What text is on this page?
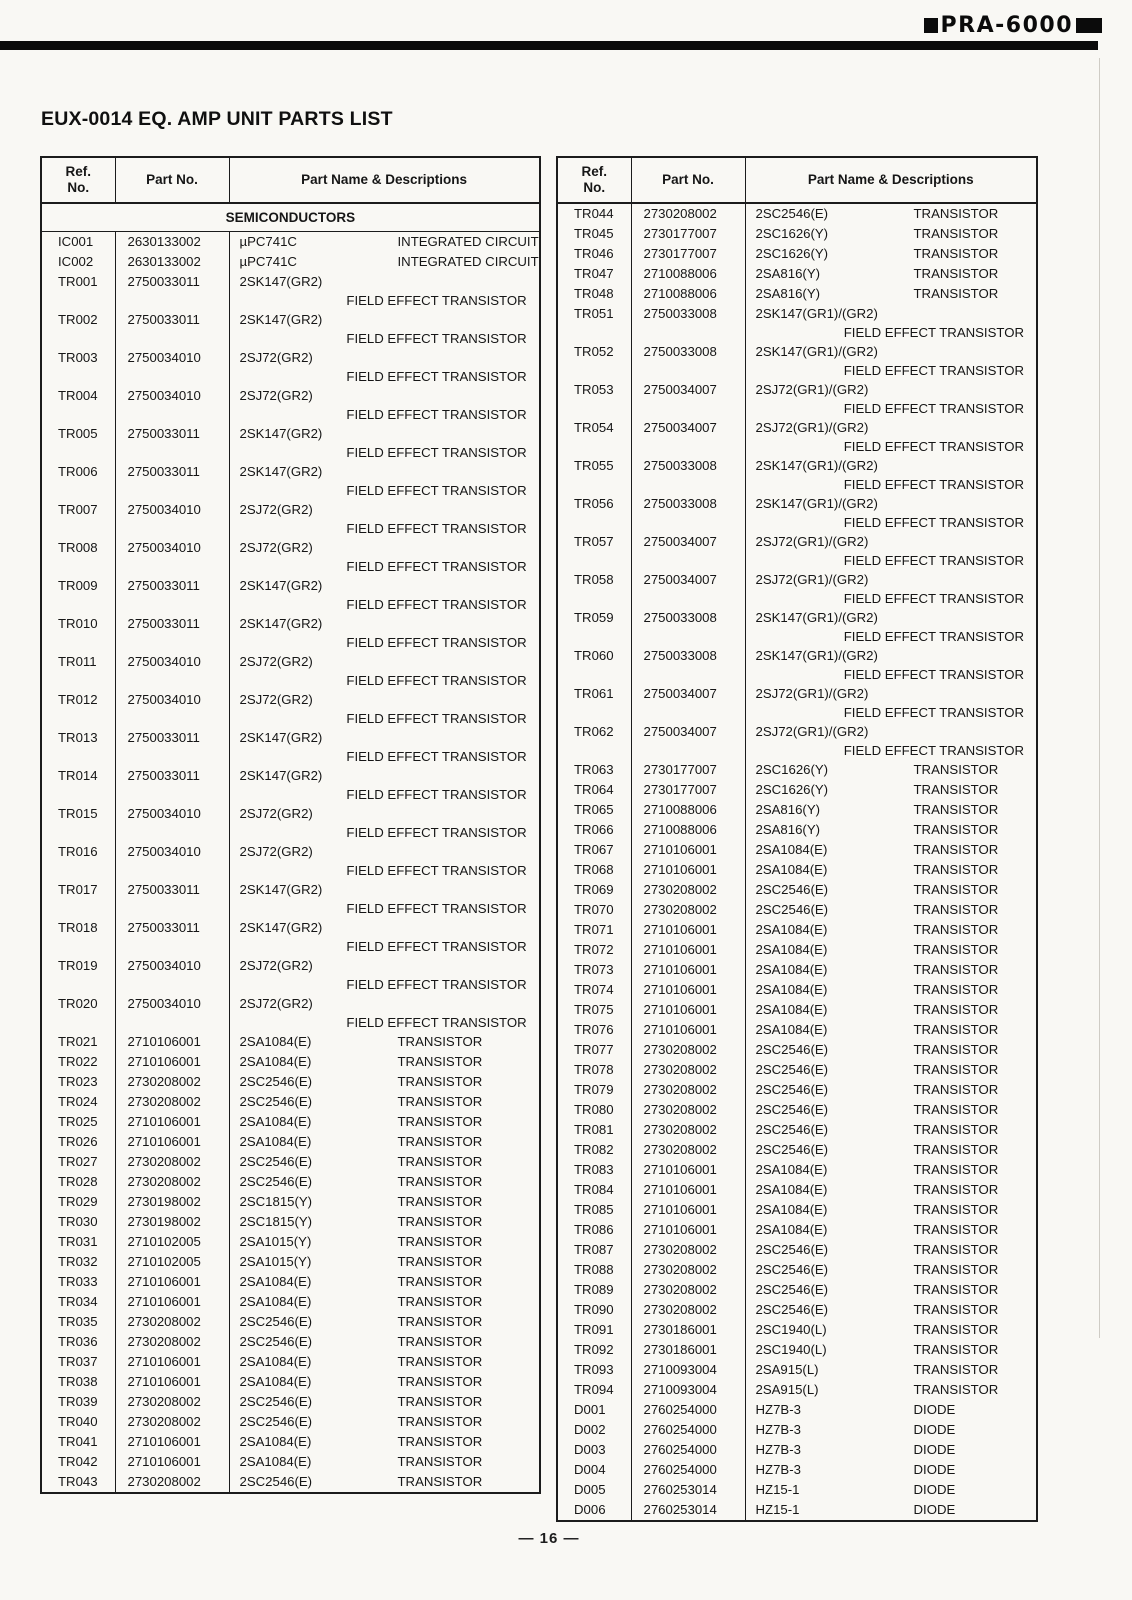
PRA-6000
EUX-0014 EQ. AMP UNIT PARTS LIST
Ref.
No.	Part No.	Part Name & Descriptions
SEMICONDUCTORS		
IC001	2630133002	µPC741C INTEGRATED CIRCUIT
IC002	2630133002	µPC741C INTEGRATED CIRCUIT
TR001	2750033011	2SK147(GR2)
FIELD EFFECT TRANSISTOR

TR002	2750033011	2SK147(GR2)
FIELD EFFECT TRANSISTOR

TR003	2750034010	2SJ72(GR2)
FIELD EFFECT TRANSISTOR

TR004	2750034010	2SJ72(GR2)
FIELD EFFECT TRANSISTOR

TR005	2750033011	2SK147(GR2)
FIELD EFFECT TRANSISTOR

TR006	2750033011	2SK147(GR2)
FIELD EFFECT TRANSISTOR

TR007	2750034010	2SJ72(GR2)
FIELD EFFECT TRANSISTOR

TR008	2750034010	2SJ72(GR2)
FIELD EFFECT TRANSISTOR

TR009	2750033011	2SK147(GR2)
FIELD EFFECT TRANSISTOR

TR010	2750033011	2SK147(GR2)
FIELD EFFECT TRANSISTOR

TR011	2750034010	2SJ72(GR2)
FIELD EFFECT TRANSISTOR

TR012	2750034010	2SJ72(GR2)
FIELD EFFECT TRANSISTOR

TR013	2750033011	2SK147(GR2)
FIELD EFFECT TRANSISTOR

TR014	2750033011	2SK147(GR2)
FIELD EFFECT TRANSISTOR

TR015	2750034010	2SJ72(GR2)
FIELD EFFECT TRANSISTOR

TR016	2750034010	2SJ72(GR2)
FIELD EFFECT TRANSISTOR

TR017	2750033011	2SK147(GR2)
FIELD EFFECT TRANSISTOR

TR018	2750033011	2SK147(GR2)
FIELD EFFECT TRANSISTOR

TR019	2750034010	2SJ72(GR2)
FIELD EFFECT TRANSISTOR

TR020	2750034010	2SJ72(GR2)
FIELD EFFECT TRANSISTOR

TR021	2710106001	2SA1084(E) TRANSISTOR
TR022	2710106001	2SA1084(E) TRANSISTOR
TR023	2730208002	2SC2546(E) TRANSISTOR
TR024	2730208002	2SC2546(E) TRANSISTOR
TR025	2710106001	2SA1084(E) TRANSISTOR
TR026	2710106001	2SA1084(E) TRANSISTOR
TR027	2730208002	2SC2546(E) TRANSISTOR
TR028	2730208002	2SC2546(E) TRANSISTOR
TR029	2730198002	2SC1815(Y) TRANSISTOR
TR030	2730198002	2SC1815(Y) TRANSISTOR
TR031	2710102005	2SA1015(Y) TRANSISTOR
TR032	2710102005	2SA1015(Y) TRANSISTOR
TR033	2710106001	2SA1084(E) TRANSISTOR
TR034	2710106001	2SA1084(E) TRANSISTOR
TR035	2730208002	2SC2546(E) TRANSISTOR
TR036	2730208002	2SC2546(E) TRANSISTOR
TR037	2710106001	2SA1084(E) TRANSISTOR
TR038	2710106001	2SA1084(E) TRANSISTOR
TR039	2730208002	2SC2546(E) TRANSISTOR
TR040	2730208002	2SC2546(E) TRANSISTOR
TR041	2710106001	2SA1084(E) TRANSISTOR
TR042	2710106001	2SA1084(E) TRANSISTOR
TR043	2730208002	2SC2546(E) TRANSISTOR
Ref.
No.	Part No.	Part Name & Descriptions
TR044	2730208002	2SC2546(E) TRANSISTOR
TR045	2730177007	2SC1626(Y) TRANSISTOR
TR046	2730177007	2SC1626(Y) TRANSISTOR
TR047	2710088006	2SA816(Y) TRANSISTOR
TR048	2710088006	2SA816(Y) TRANSISTOR
TR051	2750033008	2SK147(GR1)/(GR2)
FIELD EFFECT TRANSISTOR

TR052	2750033008	2SK147(GR1)/(GR2)
FIELD EFFECT TRANSISTOR

TR053	2750034007	2SJ72(GR1)/(GR2)
FIELD EFFECT TRANSISTOR

TR054	2750034007	2SJ72(GR1)/(GR2)
FIELD EFFECT TRANSISTOR

TR055	2750033008	2SK147(GR1)/(GR2)
FIELD EFFECT TRANSISTOR

TR056	2750033008	2SK147(GR1)/(GR2)
FIELD EFFECT TRANSISTOR

TR057	2750034007	2SJ72(GR1)/(GR2)
FIELD EFFECT TRANSISTOR

TR058	2750034007	2SJ72(GR1)/(GR2)
FIELD EFFECT TRANSISTOR

TR059	2750033008	2SK147(GR1)/(GR2)
FIELD EFFECT TRANSISTOR

TR060	2750033008	2SK147(GR1)/(GR2)
FIELD EFFECT TRANSISTOR

TR061	2750034007	2SJ72(GR1)/(GR2)
FIELD EFFECT TRANSISTOR

TR062	2750034007	2SJ72(GR1)/(GR2)
FIELD EFFECT TRANSISTOR

TR063	2730177007	2SC1626(Y) TRANSISTOR
TR064	2730177007	2SC1626(Y) TRANSISTOR
TR065	2710088006	2SA816(Y) TRANSISTOR
TR066	2710088006	2SA816(Y) TRANSISTOR
TR067	2710106001	2SA1084(E) TRANSISTOR
TR068	2710106001	2SA1084(E) TRANSISTOR
TR069	2730208002	2SC2546(E) TRANSISTOR
TR070	2730208002	2SC2546(E) TRANSISTOR
TR071	2710106001	2SA1084(E) TRANSISTOR
TR072	2710106001	2SA1084(E) TRANSISTOR
TR073	2710106001	2SA1084(E) TRANSISTOR
TR074	2710106001	2SA1084(E) TRANSISTOR
TR075	2710106001	2SA1084(E) TRANSISTOR
TR076	2710106001	2SA1084(E) TRANSISTOR
TR077	2730208002	2SC2546(E) TRANSISTOR
TR078	2730208002	2SC2546(E) TRANSISTOR
TR079	2730208002	2SC2546(E) TRANSISTOR
TR080	2730208002	2SC2546(E) TRANSISTOR
TR081	2730208002	2SC2546(E) TRANSISTOR
TR082	2730208002	2SC2546(E) TRANSISTOR
TR083	2710106001	2SA1084(E) TRANSISTOR
TR084	2710106001	2SA1084(E) TRANSISTOR
TR085	2710106001	2SA1084(E) TRANSISTOR
TR086	2710106001	2SA1084(E) TRANSISTOR
TR087	2730208002	2SC2546(E) TRANSISTOR
TR088	2730208002	2SC2546(E) TRANSISTOR
TR089	2730208002	2SC2546(E) TRANSISTOR
TR090	2730208002	2SC2546(E) TRANSISTOR
TR091	2730186001	2SC1940(L) TRANSISTOR
TR092	2730186001	2SC1940(L) TRANSISTOR
TR093	2710093004	2SA915(L) TRANSISTOR
TR094	2710093004	2SA915(L) TRANSISTOR
D001	2760254000	HZ7B-3 DIODE
D002	2760254000	HZ7B-3 DIODE
D003	2760254000	HZ7B-3 DIODE
D004	2760254000	HZ7B-3 DIODE
D005	2760253014	HZ15-1 DIODE
D006	2760253014	HZ15-1 DIODE
— 16 —
